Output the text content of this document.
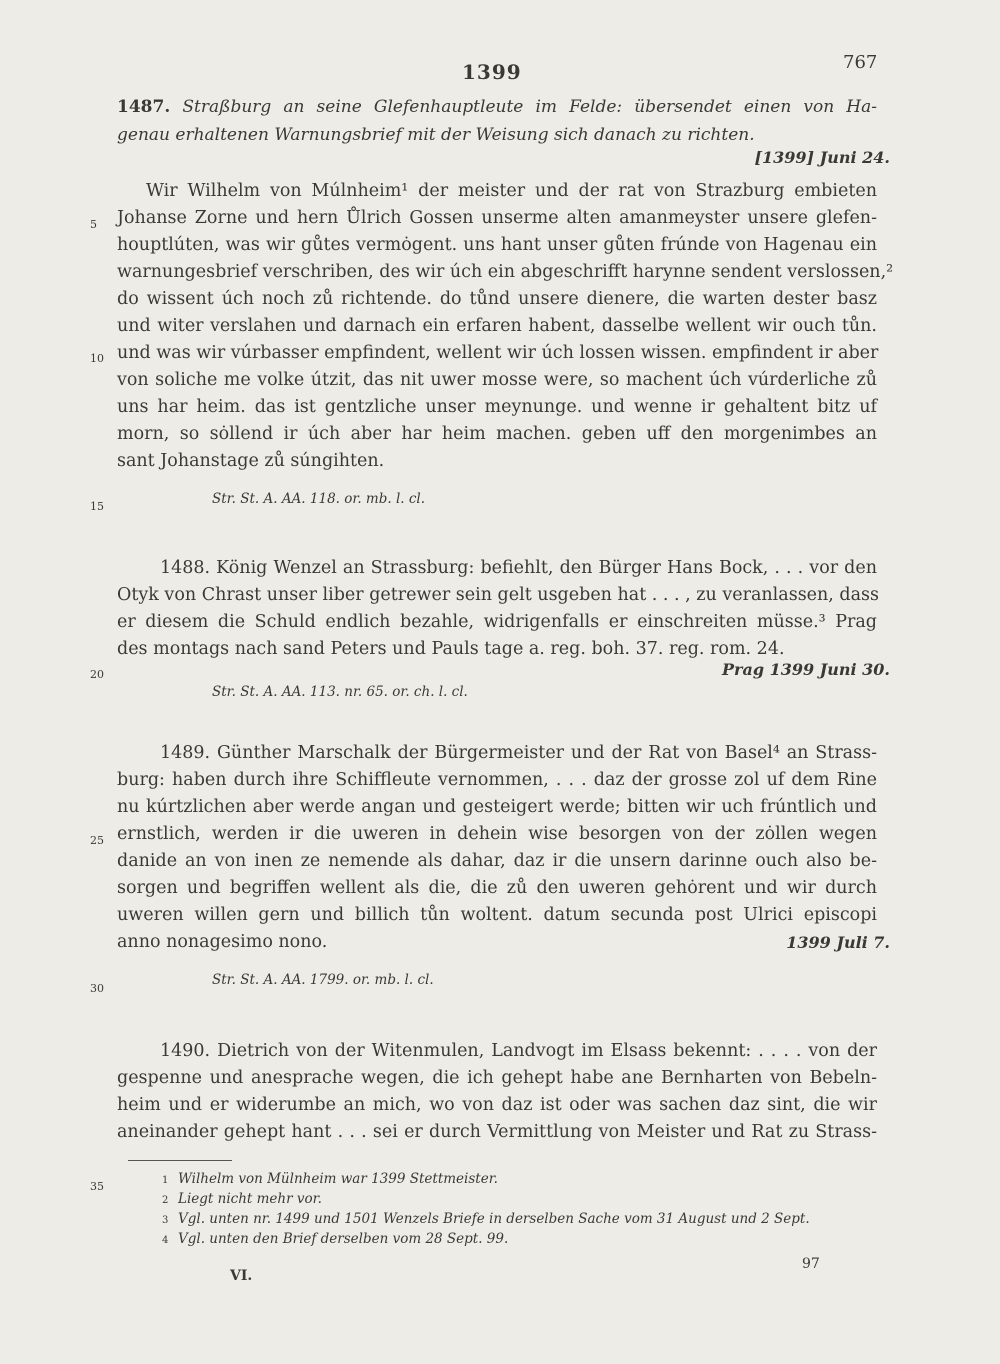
1399	767
1487. Straßburg an seine Glefenhauptleute im Felde: übersendet einen von Ha-
genau erhaltenen Warnungsbrief mit der Weisung sich danach zu richten.
[1399] Juni 24.
Wir Wilhelm von Múlnheim¹ der meister und der rat von Strazburg embieten
Johanse Zorne und hern Ůlrich Gossen unserme alten amanmeyster unsere glefen-
houptlúten, was wir gůtes vermȯgent. uns hant unser gůten frúnde von Hagenau ein
warnungesbrief verschriben, des wir úch ein abgeschrifft harynne sendent verslossen,²
do wissent úch noch zů richtende. do tůnd unsere dienere, die warten dester basz
und witer verslahen und darnach ein erfaren habent, dasselbe wellent wir ouch tůn.
und was wir vúrbasser empfindent, wellent wir úch lossen wissen. empfindent ir aber
von soliche me volke útzit, das nit uwer mosse were, so machent úch vúrderliche zů
uns har heim. das ist gentzliche unser meynunge. und wenne ir gehaltent bitz uf
morn, so sȯllend ir úch aber har heim machen. geben uff den morgenimbes an
sant Johanstage zů súngihten.
Str. St. A. AA. 118. or. mb. l. cl.
1488. König Wenzel an Strassburg: befiehlt, den Bürger Hans Bock, . . . vor den
Otyk von Chrast unser liber getrewer sein gelt usgeben hat . . . , zu veranlassen, dass
er diesem die Schuld endlich bezahle, widrigenfalls er einschreiten müsse.³ Prag
des montags nach sand Peters und Pauls tage a. reg. boh. 37. reg. rom. 24.
Prag 1399 Juni 30.
Str. St. A. AA. 113. nr. 65. or. ch. l. cl.
1489. Günther Marschalk der Bürgermeister und der Rat von Basel⁴ an Strass-
burg: haben durch ihre Schiffleute vernommen, . . . daz der grosse zol uf dem Rine
nu kúrtzlichen aber werde angan und gesteigert werde; bitten wir uch frúntlich und
ernstlich, werden ir die uweren in dehein wise besorgen von der zȯllen wegen
danide an von inen ze nemende als dahar, daz ir die unsern darinne ouch also be-
sorgen und begriffen wellent als die, die zů den uweren gehȯrent und wir durch
uweren willen gern und billich tůn woltent. datum secunda post Ulrici episcopi
anno nonagesimo nono.	1399 Juli 7.
Str. St. A. AA. 1799. or. mb. l. cl.
1490. Dietrich von der Witenmulen, Landvogt im Elsass bekennt: . . . . von der
gespenne und anesprache wegen, die ich gehept habe ane Bernharten von Bebeln-
heim und er widerumbe an mich, wo von daz ist oder was sachen daz sint, die wir
aneinander gehept hant . . . sei er durch Vermittlung von Meister und Rat zu Strass-
5
10
15
20
25
30
35	1 Wilhelm von Mülnheim war 1399 Stettmeister.
2 Liegt nicht mehr vor.
3 Vgl. unten nr. 1499 und 1501 Wenzels Briefe in derselben Sache vom 31 August und 2 Sept.
4 Vgl. unten den Brief derselben vom 28 Sept. 99.
97
VI.
